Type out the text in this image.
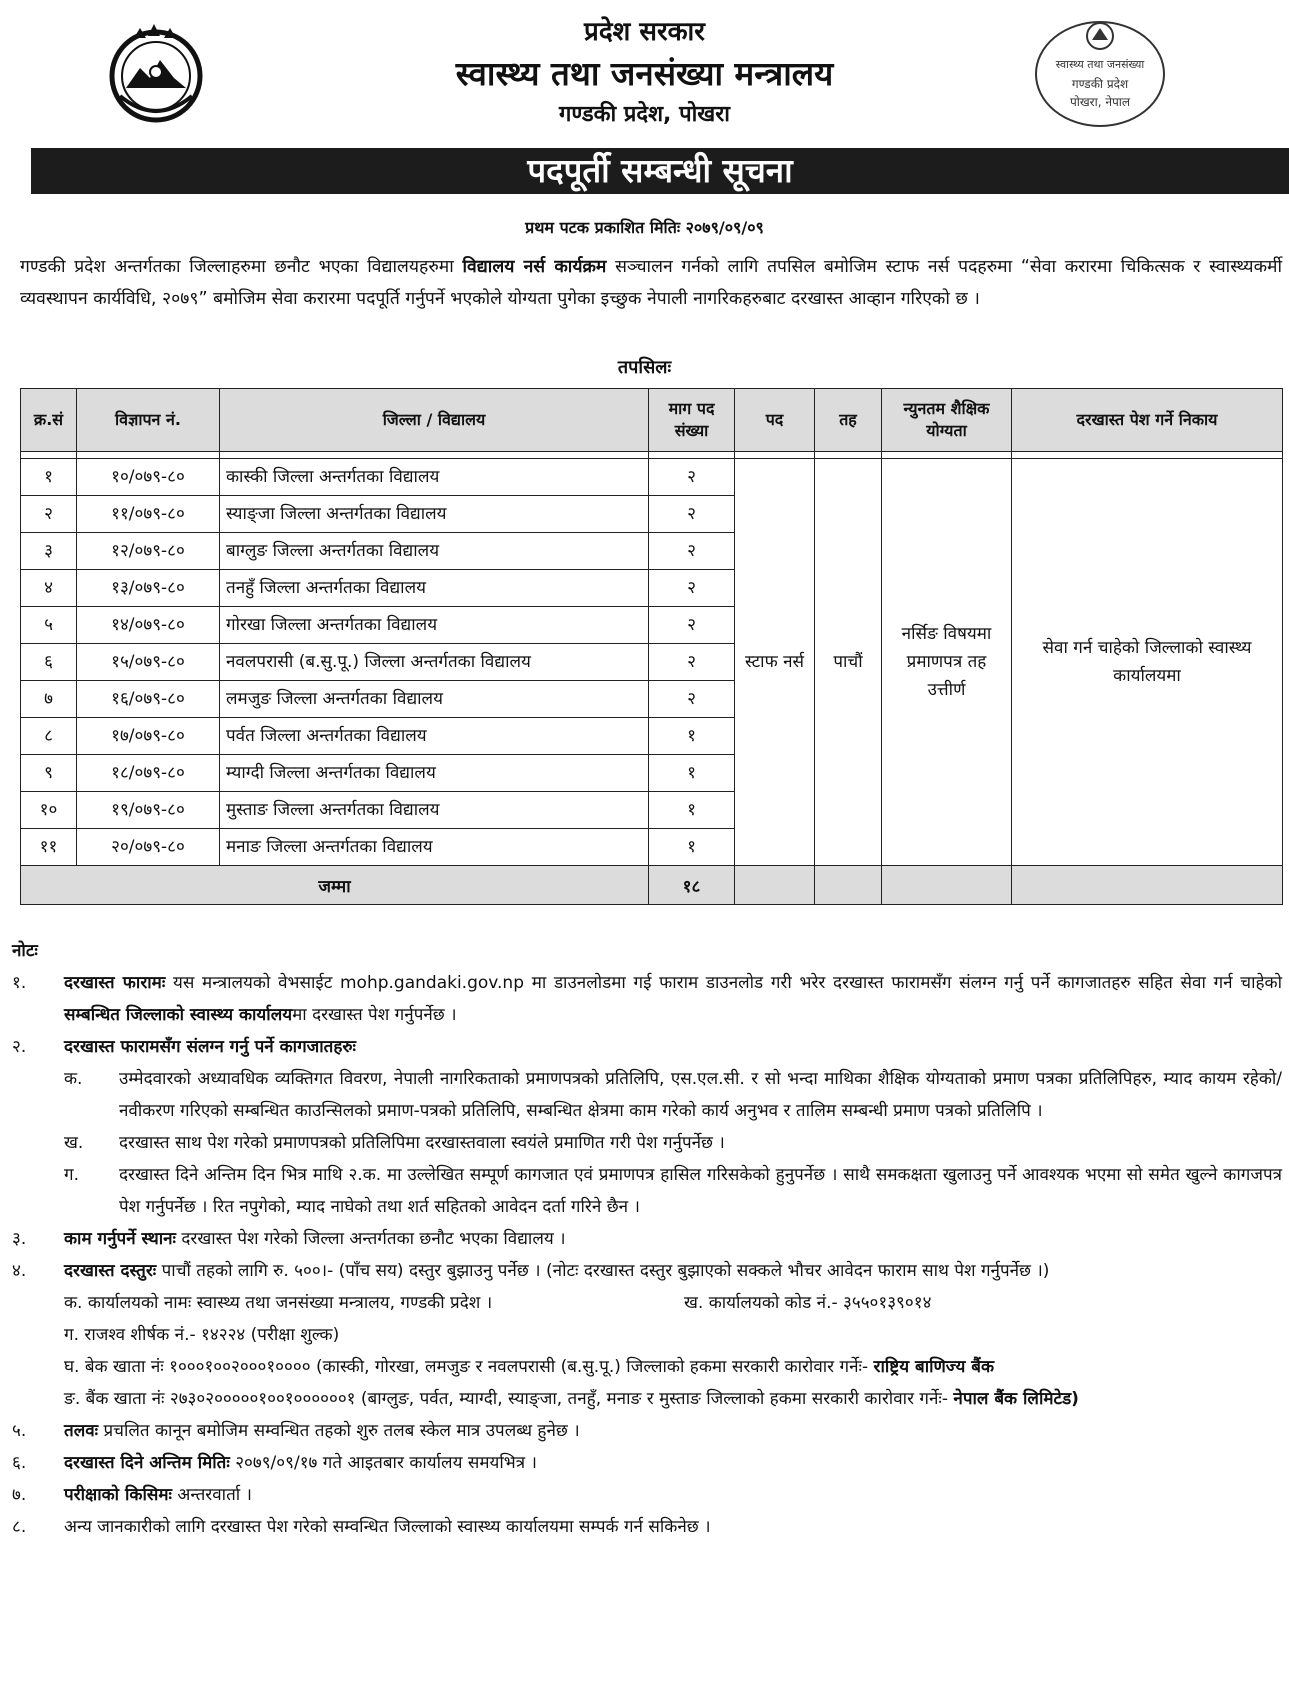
प्रदेश सरकार
स्वास्थ्य तथा जनसंख्या मन्त्रालय
गण्डकी प्रदेश, पोखरा
स्वास्थ्य तथा जनसंख्या
गण्डकी प्रदेश
पोखरा, नेपाल
पदपूर्ती सम्बन्धी सूचना
प्रथम पटक प्रकाशित मितिः २०७९/०९/०९
गण्डकी प्रदेश अन्तर्गतका जिल्लाहरुमा छनौट भएका विद्यालयहरुमा विद्यालय नर्स कार्यक्रम सञ्चालन गर्नको लागि तपसिल बमोजिम स्टाफ नर्स पदहरुमा “सेवा करारमा चिकित्सक र स्वास्थ्यकर्मी व्यवस्थापन कार्यविधि, २०७९” बमोजिम सेवा करारमा पदपूर्ति गर्नुपर्ने भएकोले योग्यता पुगेका इच्छुक नेपाली नागरिकहरुबाट दरखास्त आव्हान गरिएको छ ।
तपसिलः
क्र.सं	विज्ञापन नं.	जिल्ला / विद्यालय	माग पद संख्या	पद	तह	न्युनतम शैक्षिक योग्यता	दरखास्त पेश गर्ने निकाय

१	१०/०७९-८०	कास्की जिल्ला अन्तर्गतका विद्यालय	२	स्टाफ नर्स	पाचौं	नर्सिङ विषयमा प्रमाणपत्र तह उत्तीर्ण	सेवा गर्न चाहेको जिल्लाको स्वास्थ्य कार्यालयमा
२	११/०७९-८०	स्याङ्जा जिल्ला अन्तर्गतका विद्यालय	२				
३	१२/०७९-८०	बाग्लुङ जिल्ला अन्तर्गतका विद्यालय	२				
४	१३/०७९-८०	तनहुँ जिल्ला अन्तर्गतका विद्यालय	२				
५	१४/०७९-८०	गोरखा जिल्ला अन्तर्गतका विद्यालय	२				
६	१५/०७९-८०	नवलपरासी (ब.सु.पू.) जिल्ला अन्तर्गतका विद्यालय	२				
७	१६/०७९-८०	लमजुङ जिल्ला अन्तर्गतका विद्यालय	२				
८	१७/०७९-८०	पर्वत जिल्ला अन्तर्गतका विद्यालय	१				
९	१८/०७९-८०	म्याग्दी जिल्ला अन्तर्गतका विद्यालय	१				
१०	१९/०७९-८०	मुस्ताङ जिल्ला अन्तर्गतका विद्यालय	१				
११	२०/०७९-८०	मनाङ जिल्ला अन्तर्गतका विद्यालय	१				
जम्मा			१८				
नोटः
१.	दरखास्त फारामः यस मन्त्रालयको वेभसाईट mohp.gandaki.gov.np मा डाउनलोडमा गई फाराम डाउनलोड गरी भरेर दरखास्त फारामसँग संलग्न गर्नु पर्ने कागजातहरु सहित सेवा गर्न चाहेको सम्बन्धित जिल्लाको स्वास्थ्य कार्यालयमा दरखास्त पेश गर्नुपर्नेछ ।
२.	दरखास्त फारामसँग संलग्न गर्नु पर्ने कागजातहरुः
क.	उम्मेदवारको अध्यावधिक व्यक्तिगत विवरण, नेपाली नागरिकताको प्रमाणपत्रको प्रतिलिपि, एस.एल.सी. र सो भन्दा माथिका शैक्षिक योग्यताको प्रमाण पत्रका प्रतिलिपिहरु, म्याद कायम रहेको/नवीकरण गरिएको सम्बन्धित काउन्सिलको प्रमाण-पत्रको प्रतिलिपि, सम्बन्धित क्षेत्रमा काम गरेको कार्य अनुभव र तालिम सम्बन्धी प्रमाण पत्रको प्रतिलिपि ।
ख.	दरखास्त साथ पेश गरेको प्रमाणपत्रको प्रतिलिपिमा दरखास्तवाला स्वयंले प्रमाणित गरी पेश गर्नुपर्नेछ ।
ग.	दरखास्त दिने अन्तिम दिन भित्र माथि २.क. मा उल्लेखित सम्पूर्ण कागजात एवं प्रमाणपत्र हासिल गरिसकेको हुनुपर्नेछ । साथै समकक्षता खुलाउनु पर्ने आवश्यक भएमा सो समेत खुल्ने कागजपत्र पेश गर्नुपर्नेछ । रित नपुगेको, म्याद नाघेको तथा शर्त सहितको आवेदन दर्ता गरिने छैन ।
३.	काम गर्नुपर्ने स्थानः दरखास्त पेश गरेको जिल्ला अन्तर्गतका छनौट भएका विद्यालय ।
४.	दरखास्त दस्तुरः पाचौं तहको लागि रु. ५००।- (पाँच सय) दस्तुर बुझाउनु पर्नेछ । (नोटः दरखास्त दस्तुर बुझाएको सक्कले भौचर आवेदन फाराम साथ पेश गर्नुपर्नेछ ।)
क. कार्यालयको नामः स्वास्थ्य तथा जनसंख्या मन्त्रालय, गण्डकी प्रदेश ।	ख. कार्यालयको कोड नं.- ३५५०१३९०१४
ग. राजश्व शीर्षक नं.- १४२२४ (परीक्षा शुल्क)
घ. बेक खाता नंः १०००१००२०००१०००० (कास्की, गोरखा, लमजुङ र नवलपरासी (ब.सु.पू.) जिल्लाको हकमा सरकारी कारोवार गर्नेः- राष्ट्रिय बाणिज्य बैंक
ङ. बैंक खाता नंः २७३०२०००००१००१००००००१ (बाग्लुङ, पर्वत, म्याग्दी, स्याङ्जा, तनहुँ, मनाङ र मुस्ताङ जिल्लाको हकमा सरकारी कारोवार गर्नेः- नेपाल बैंक लिमिटेड)
५.	तलवः प्रचलित कानून बमोजिम सम्वन्धित तहको शुरु तलब स्केल मात्र उपलब्ध हुनेछ ।
६.	दरखास्त दिने अन्तिम मितिः २०७९/०९/१७ गते आइतबार कार्यालय समयभित्र ।
७.	परीक्षाको किसिमः अन्तरवार्ता ।
८.	अन्य जानकारीको लागि दरखास्त पेश गरेको सम्वन्धित जिल्लाको स्वास्थ्य कार्यालयमा सम्पर्क गर्न सकिनेछ ।
